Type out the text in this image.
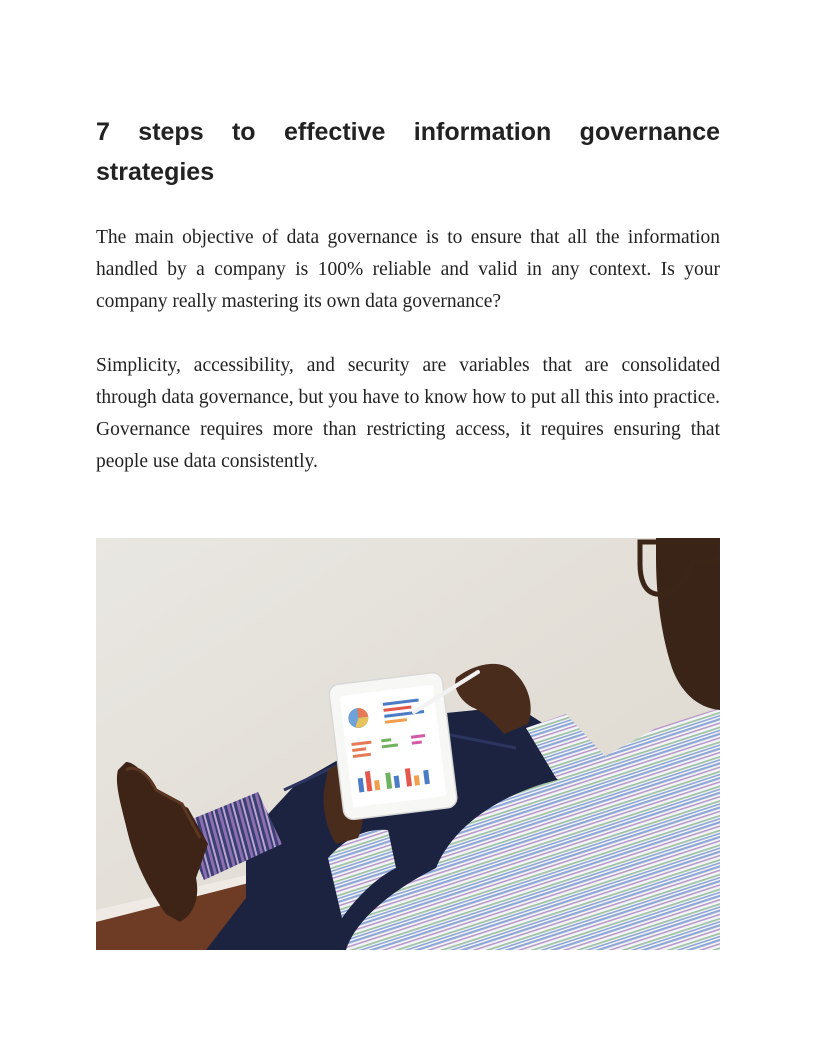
7 steps to effective information governance strategies

The main objective of data governance is to ensure that all the information handled by a company is 100% reliable and valid in any context. Is your company really mastering its own data governance?

Simplicity, accessibility, and security are variables that are consolidated through data governance, but you have to know how to put all this into practice. Governance requires more than restricting access, it requires ensuring that people use data consistently.
